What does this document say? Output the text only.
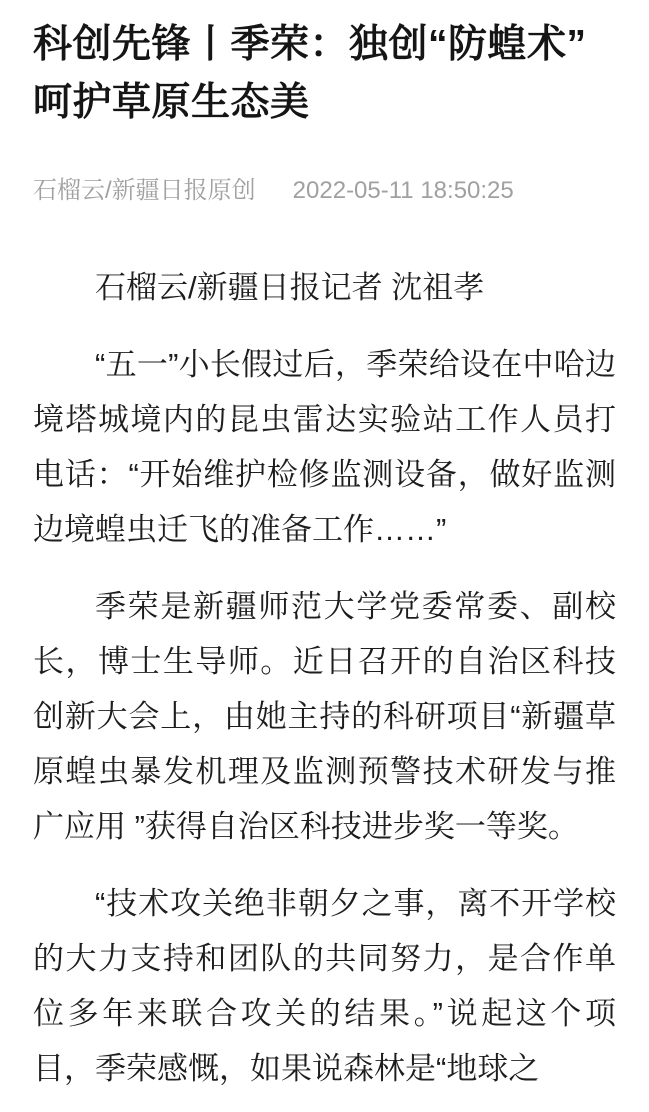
科创先锋丨季荣：独创“防蝗术”呵护草原生态美
石榴云/新疆日报原创 2022-05-11 18:50:25

石榴云/新疆日报记者 沈祖孝

“五一”小长假过后，季荣给设在中哈边境塔城境内的昆虫雷达实验站工作人员打电话：“开始维护检修监测设备，做好监测边境蝗虫迁飞的准备工作……”

季荣是新疆师范大学党委常委、副校长，博士生导师。近日召开的自治区科技创新大会上，由她主持的科研项目“新疆草原蝗虫暴发机理及监测预警技术研发与推广应用 ”获得自治区科技进步奖一等奖。

“技术攻关绝非朝夕之事，离不开学校的大力支持和团队的共同努力，是合作单位多年来联合攻关的结果。”说起这个项目，季荣感慨，如果说森林是“地球之
